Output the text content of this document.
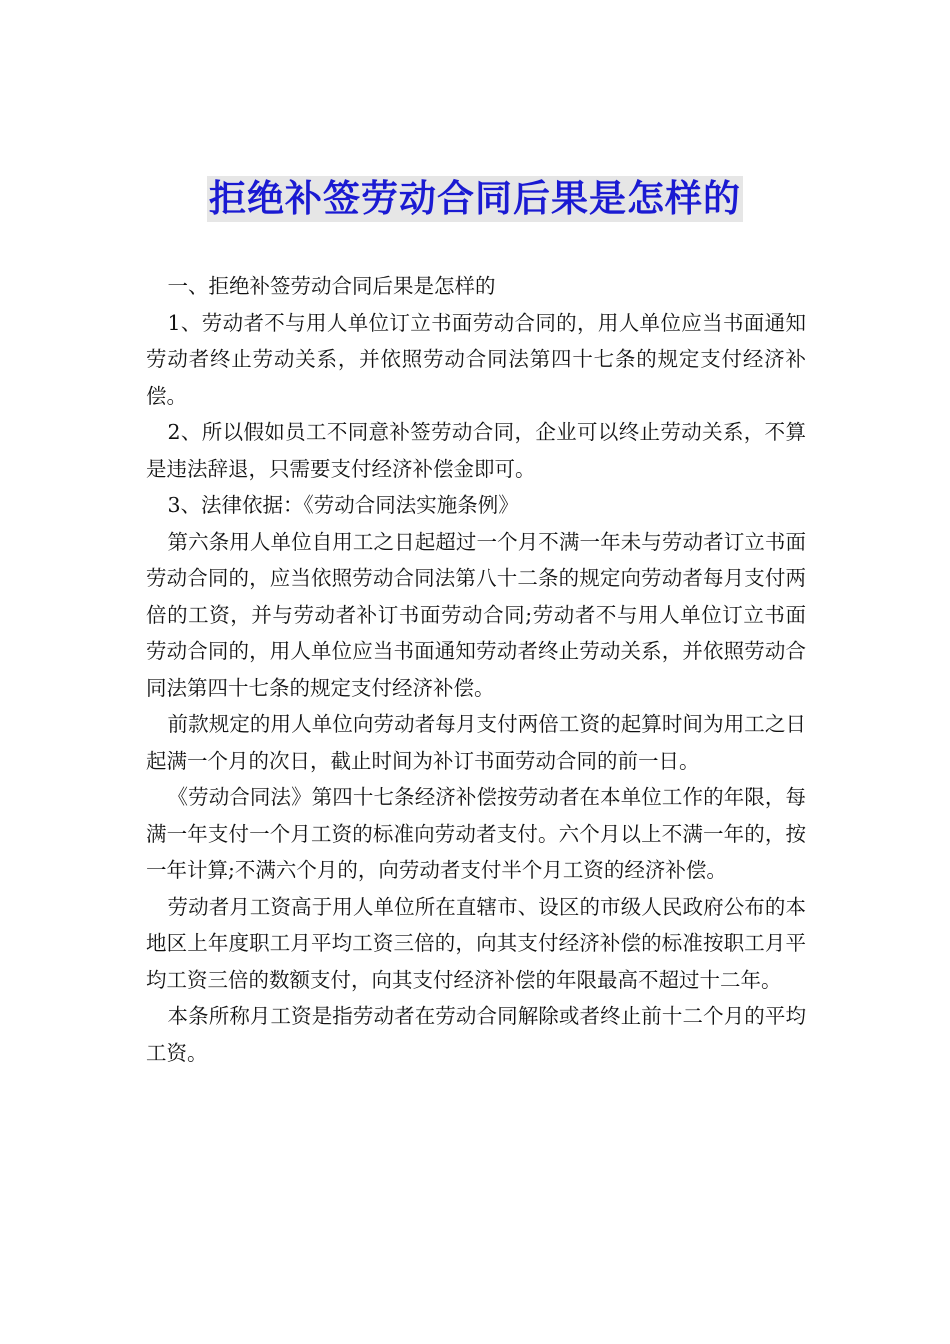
拒绝补签劳动合同后果是怎样的

一、拒绝补签劳动合同后果是怎样的

1、劳动者不与用人单位订立书面劳动合同的，用人单位应当书面通知劳动者终止劳动关系，并依照劳动合同法第四十七条的规定支付经济补偿。

2、所以假如员工不同意补签劳动合同，企业可以终止劳动关系，不算是违法辞退，只需要支付经济补偿金即可。

3、法律依据：《劳动合同法实施条例》

第六条用人单位自用工之日起超过一个月不满一年未与劳动者订立书面劳动合同的，应当依照劳动合同法第八十二条的规定向劳动者每月支付两倍的工资，并与劳动者补订书面劳动合同;劳动者不与用人单位订立书面劳动合同的，用人单位应当书面通知劳动者终止劳动关系，并依照劳动合同法第四十七条的规定支付经济补偿。

前款规定的用人单位向劳动者每月支付两倍工资的起算时间为用工之日起满一个月的次日，截止时间为补订书面劳动合同的前一日。

《劳动合同法》第四十七条经济补偿按劳动者在本单位工作的年限，每满一年支付一个月工资的标准向劳动者支付。六个月以上不满一年的，按一年计算;不满六个月的，向劳动者支付半个月工资的经济补偿。

劳动者月工资高于用人单位所在直辖市、设区的市级人民政府公布的本地区上年度职工月平均工资三倍的，向其支付经济补偿的标准按职工月平均工资三倍的数额支付，向其支付经济补偿的年限最高不超过十二年。

本条所称月工资是指劳动者在劳动合同解除或者终止前十二个月的平均工资。
